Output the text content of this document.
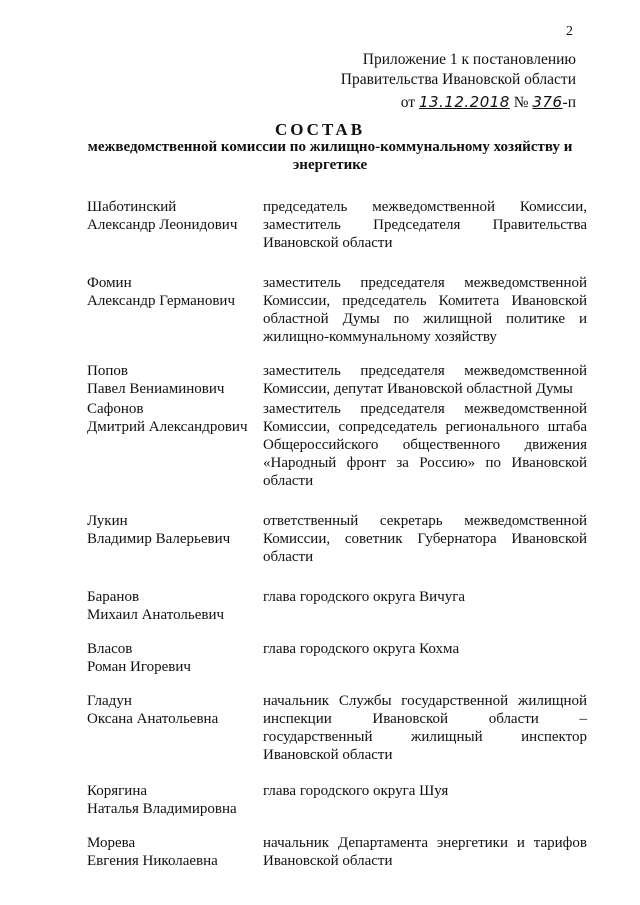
2
Приложение 1 к постановлению
Правительства Ивановской области
от 13.12.2018 № 376-п
СОСТАВ
межведомственной комиссии по жилищно-коммунальному хозяйству и энергетике
Шаботинский
Александр Леонидович
председатель межведомственной Комиссии, заместитель Председателя Правительства Ивановской области
Фомин
Александр Германович
заместитель председателя межведомственной Комиссии, председатель Комитета Ивановской областной Думы по жилищной политике и жилищно-коммунальному хозяйству
Попов
Павел Вениаминович
заместитель председателя межведомственной Комиссии, депутат Ивановской областной Думы
Сафонов
Дмитрий Александрович
заместитель председателя межведомственной Комиссии, сопредседатель регионального штаба Общероссийского общественного движения «Народный фронт за Россию» по Ивановской области
Лукин
Владимир Валерьевич
ответственный секретарь межведомственной Комиссии, советник Губернатора Ивановской области
Баранов
Михаил Анатольевич
глава городского округа Вичуга
Власов
Роман Игоревич
глава городского округа Кохма
Гладун
Оксана Анатольевна
начальник Службы государственной жилищной инспекции Ивановской области – государственный жилищный инспектор Ивановской области
Корягина
Наталья Владимировна
глава городского округа Шуя
Морева
Евгения Николаевна
начальник Департамента энергетики и тарифов Ивановской области
